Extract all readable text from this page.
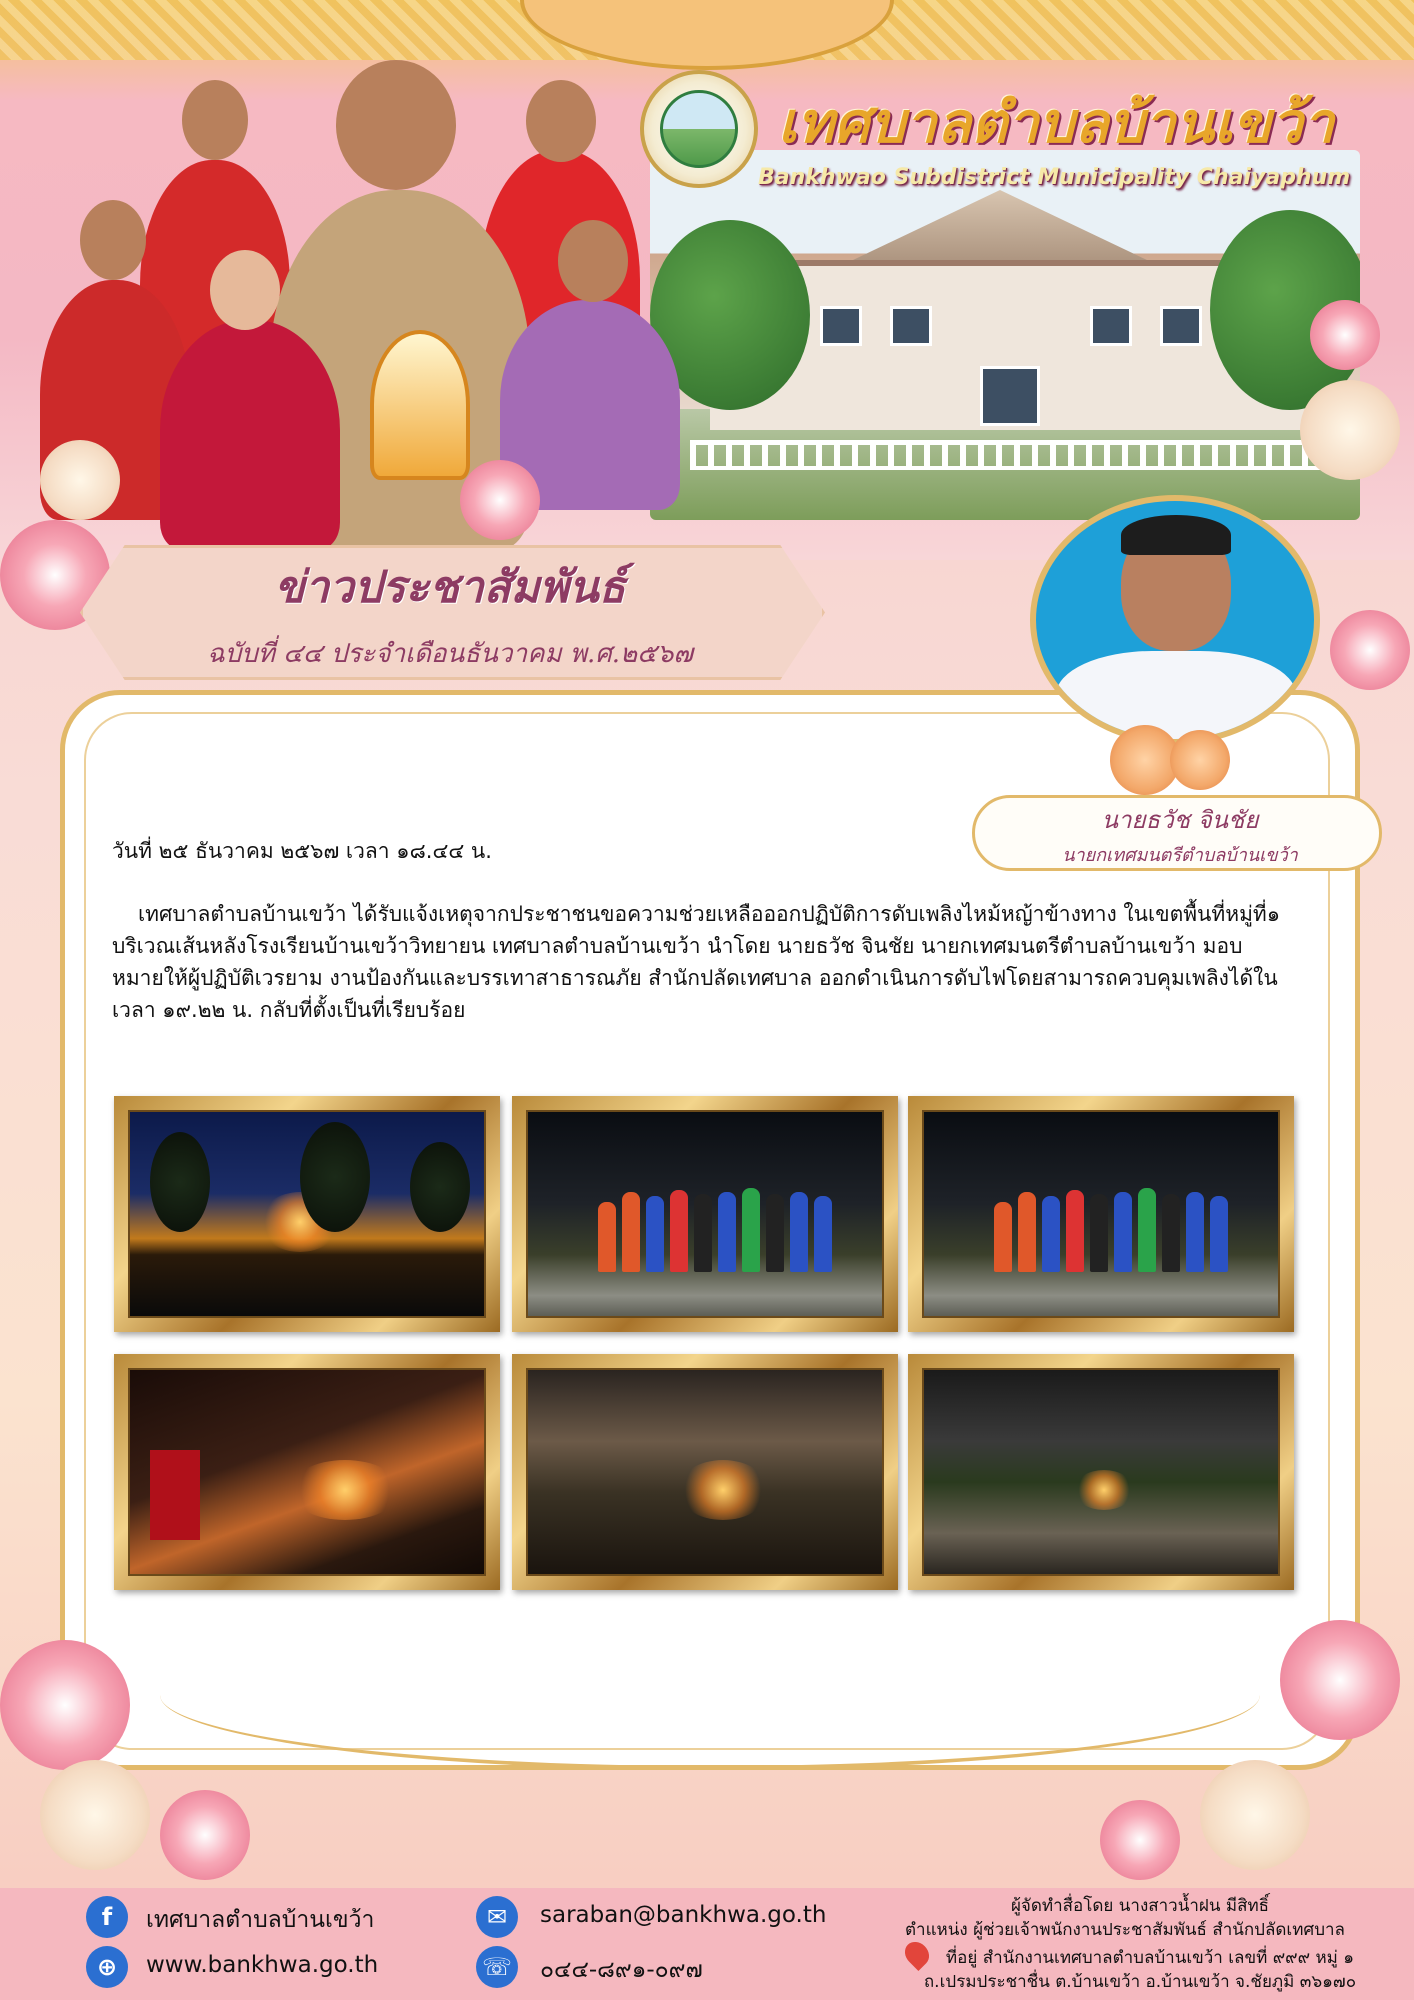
เทศบาลตำบลบ้านเขว้า
Bankhwao Subdistrict Municipality Chaiyaphum
ข่าวประชาสัมพันธ์
ฉบับที่ ๔๔ ประจำเดือนธันวาคม พ.ศ.๒๕๖๗
นายธวัช จินชัย
นายกเทศมนตรีตำบลบ้านเขว้า
วันที่ ๒๕ ธันวาคม ๒๕๖๗ เวลา ๑๘.๔๔ น.
เทศบาลตำบลบ้านเขว้า ได้รับแจ้งเหตุจากประชาชนขอความช่วยเหลือออกปฏิบัติการดับเพลิงไหม้หญ้าข้างทาง ในเขตพื้นที่หมู่ที่๑ บริเวณเส้นหลังโรงเรียนบ้านเขว้าวิทยายน เทศบาลตำบลบ้านเขว้า นำโดย นายธวัช จินชัย นายกเทศมนตรีตำบลบ้านเขว้า มอบหมายให้ผู้ปฏิบัติเวรยาม งานป้องกันและบรรเทาสาธารณภัย สำนักปลัดเทศบาล ออกดำเนินการดับไฟโดยสามารถควบคุมเพลิงได้ใน เวลา ๑๙.๒๒ น. กลับที่ตั้งเป็นที่เรียบร้อย
f	เทศบาลตำบลบ้านเขว้า
⊕	www.bankhwa.go.th
✉	saraban@bankhwa.go.th
☏ ๐๔๔-๘๙๑-๐๙๗
ผู้จัดทำสื่อโดย นางสาวน้ำฝน มีสิทธิ์
ตำแหน่ง ผู้ช่วยเจ้าพนักงานประชาสัมพันธ์ สำนักปลัดเทศบาล
ที่อยู่ สำนักงานเทศบาลตำบลบ้านเขว้า เลขที่ ๙๙๙ หมู่ ๑
ถ.เปรมประชาชื่น ต.บ้านเขว้า อ.บ้านเขว้า จ.ชัยภูมิ ๓๖๑๗๐
